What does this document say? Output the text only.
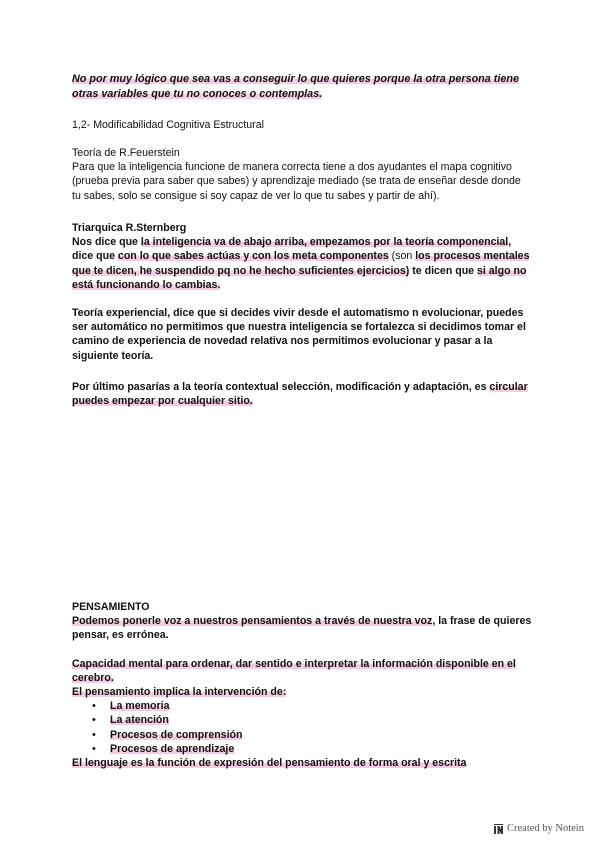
No por muy lógico que sea vas a conseguir lo que quieres porque la otra persona tiene otras variables que tu no conoces o contemplas.
1,2- Modificabilidad Cognitiva Estructural
Teoría de R.Feuerstein
Para que la inteligencia funcione de manera correcta tiene a dos ayudantes el mapa cognitivo (prueba previa para saber que sabes) y aprendizaje mediado (se trata de enseñar desde donde tu sabes, solo se consigue si soy capaz de ver lo que tu sabes y partir de ahí).
Triarquica R.Sternberg
Nos dice que la inteligencia va de abajo arriba, empezamos por la teoría componencial, dice que con lo que sabes actúas y con los meta componentes (son los procesos mentales que te dicen, he suspendido pq no he hecho suficientes ejercicios) te dicen que si algo no está funcionando lo cambias.
Teoría experiencial, dice que si decides vivir desde el automatismo n evolucionar, puedes ser automático no permitimos que nuestra inteligencia se fortalezca si decidimos tomar el camino de experiencia de novedad relativa nos permitimos evolucionar y pasar a la siguiente teoría.
Por último pasarías a la teoría contextual selección, modificación y adaptación, es circular puedes empezar por cualquier sitio.

PENSAMIENTO

Podemos ponerle voz a nuestros pensamientos a través de nuestra voz, la frase de quieres pensar, es errónea.

Capacidad mental para ordenar, dar sentido e interpretar la información disponible en el cerebro.

El pensamiento implica la intervención de:

• La memoria
• La atención
• Procesos de comprensión
• Procesos de aprendizaje

El lenguaje es la función de expresión del pensamiento de forma oral y escrita

Created by Notein
